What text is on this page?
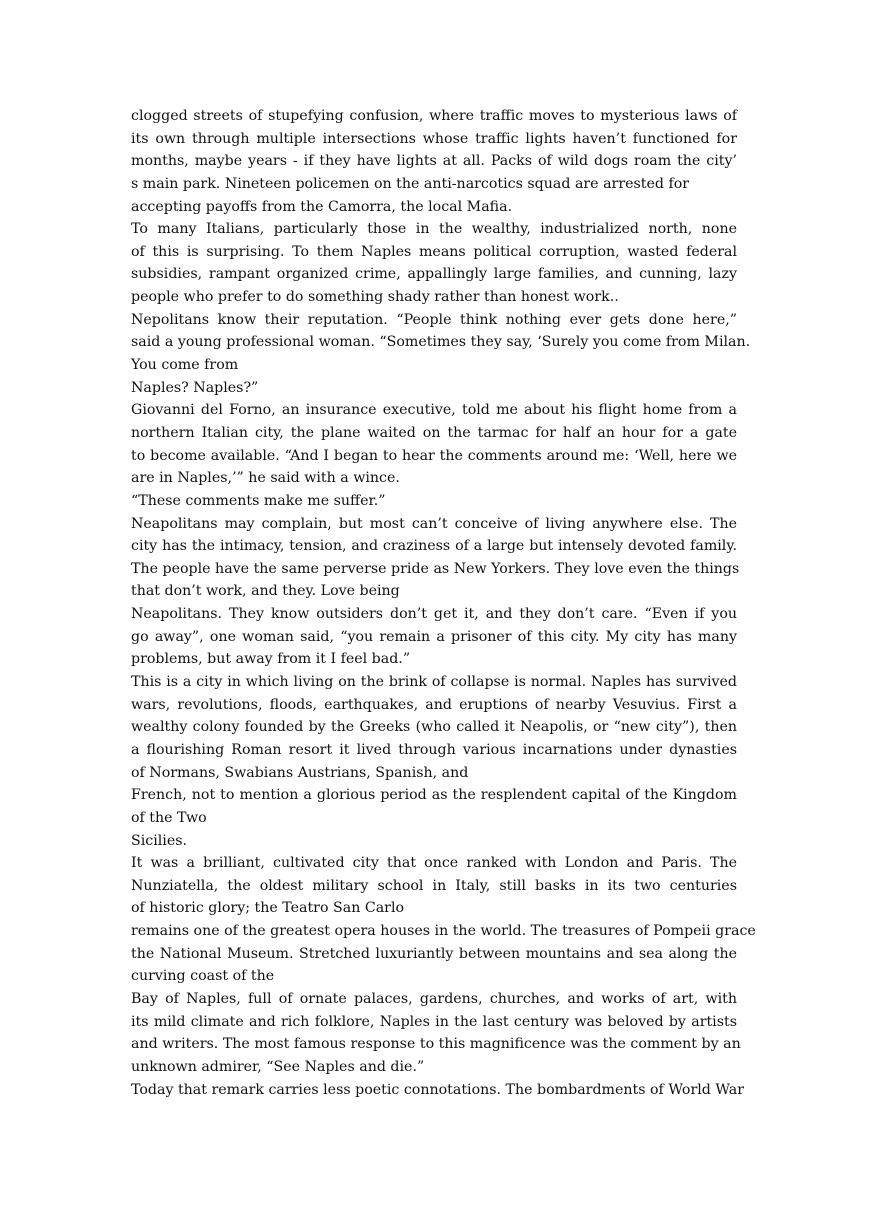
clogged streets of stupefying confusion, where traffic moves to mysterious laws of
its own through multiple intersections whose traffic lights haven’t functioned for
months, maybe years - if they have lights at all. Packs of wild dogs roam the city’
s main park. Nineteen policemen on the anti-narcotics squad are arrested for
accepting payoffs from the Camorra, the local Mafia.
To many Italians, particularly those in the wealthy, industrialized north, none
of this is surprising. To them Naples means political corruption, wasted federal
subsidies, rampant organized crime, appallingly large families, and cunning, lazy
people who prefer to do something shady rather than honest work..
Nepolitans know their reputation. “People think nothing ever gets done here,”
said a young professional woman. “Sometimes they say, ‘Surely you come from Milan.
You come from
Naples? Naples?”
Giovanni del Forno, an insurance executive, told me about his flight home from a
northern Italian city, the plane waited on the tarmac for half an hour for a gate
to become available. “And I began to hear the comments around me: ‘Well, here we
are in Naples,’” he said with a wince.
“These comments make me suffer.”
Neapolitans may complain, but most can’t conceive of living anywhere else. The
city has the intimacy, tension, and craziness of a large but intensely devoted family.
The people have the same perverse pride as New Yorkers. They love even the things
that don’t work, and they. Love being
Neapolitans. They know outsiders don’t get it, and they don’t care. “Even if you
go away”, one woman said, “you remain a prisoner of this city. My city has many
problems, but away from it I feel bad.”
This is a city in which living on the brink of collapse is normal. Naples has survived
wars, revolutions, floods, earthquakes, and eruptions of nearby Vesuvius. First a
wealthy colony founded by the Greeks (who called it Neapolis, or “new city”), then
a flourishing Roman resort it lived through various incarnations under dynasties
of Normans, Swabians Austrians, Spanish, and
French, not to mention a glorious period as the resplendent capital of the Kingdom
of the Two
Sicilies.
It was a brilliant, cultivated city that once ranked with London and Paris. The
Nunziatella, the oldest military school in Italy, still basks in its two centuries
of historic glory; the Teatro San Carlo
remains one of the greatest opera houses in the world. The treasures of Pompeii grace
the National Museum. Stretched luxuriantly between mountains and sea along the
curving coast of the
Bay of Naples, full of ornate palaces, gardens, churches, and works of art, with
its mild climate and rich folklore, Naples in the last century was beloved by artists
and writers. The most famous response to this magnificence was the comment by an
unknown admirer, “See Naples and die.”
Today that remark carries less poetic connotations. The bombardments of World War
